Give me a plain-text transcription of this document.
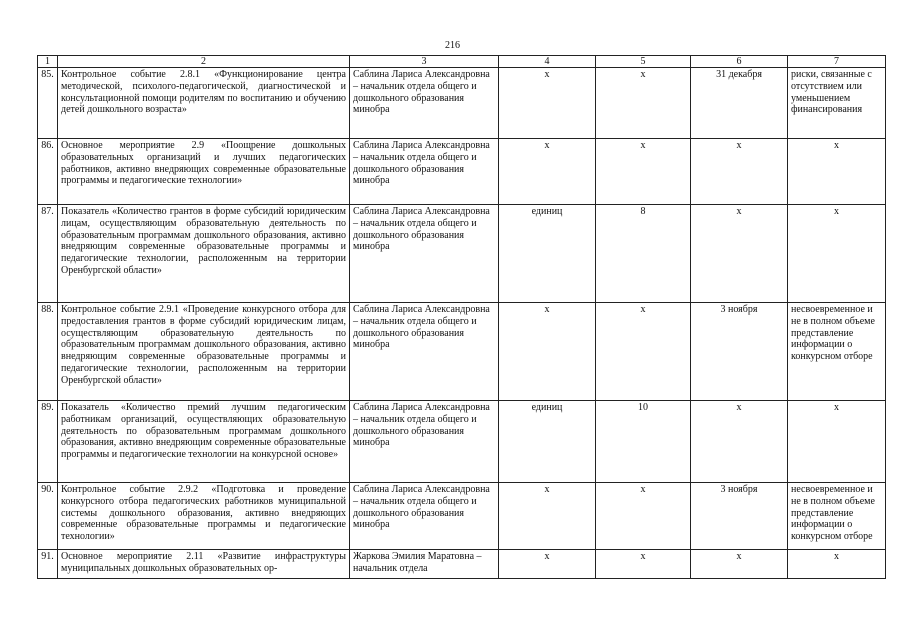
216
1	2	3	4	5	6	7
85.	Контрольное событие 2.8.1 «Функционирование центра методической, психолого-педагогической, диагностической и консультационной помощи родителям по воспитанию и обучению детей дошкольного возраста»	Саблина Лариса Александровна – начальник отдела общего и дошкольного образования минобра	x	x	31 декабря	риски, связанные с отсутствием или уменьшением финансирования
86.	Основное мероприятие 2.9 «Поощрение дошкольных образовательных организаций и лучших педагогических работников, активно внедряющих современные образовательные программы и педагогические технологии»	Саблина Лариса Александровна – начальник отдела общего и дошкольного образования минобра	x	x	x	x
87.	Показатель «Количество грантов в форме субсидий юридическим лицам, осуществляющим образовательную деятельность по образовательным программам дошкольного образования, активно внедряющим современные образовательные программы и педагогические технологии, расположенным на территории Оренбургской области»	Саблина Лариса Александровна – начальник отдела общего и дошкольного образования минобра	единиц	8	x	x
88.	Контрольное событие 2.9.1 «Проведение конкурсного отбора для предоставления грантов в форме субсидий юридическим лицам, осуществляющим образовательную деятельность по образовательным программам дошкольного образования, активно внедряющим современные образовательные программы и педагогические технологии, расположенным на территории Оренбургской области»	Саблина Лариса Александровна – начальник отдела общего и дошкольного образования минобра	x	x	3 ноября	несвоевременное и не в полном объеме представление информации о конкурсном отборе
89.	Показатель «Количество премий лучшим педагогическим работникам организаций, осуществляющих образовательную деятельность по образовательным программам дошкольного образования, активно внедряющим современные образовательные программы и педагогические технологии на конкурсной основе»	Саблина Лариса Александровна – начальник отдела общего и дошкольного образования минобра	единиц	10	x	x
90.	Контрольное событие 2.9.2 «Подготовка и проведение конкурсного отбора педагогических работников муниципальной системы дошкольного образования, активно внедряющих современные образовательные программы и педагогические технологии»	Саблина Лариса Александровна – начальник отдела общего и дошкольного образования минобра	x	x	3 ноября	несвоевременное и не в полном объеме представление информации о конкурсном отборе
91.	Основное мероприятие 2.11 «Развитие инфраструктуры муниципальных дошкольных образовательных ор-	Жаркова Эмилия Маратовна – начальник отдела	x	x	x	x
